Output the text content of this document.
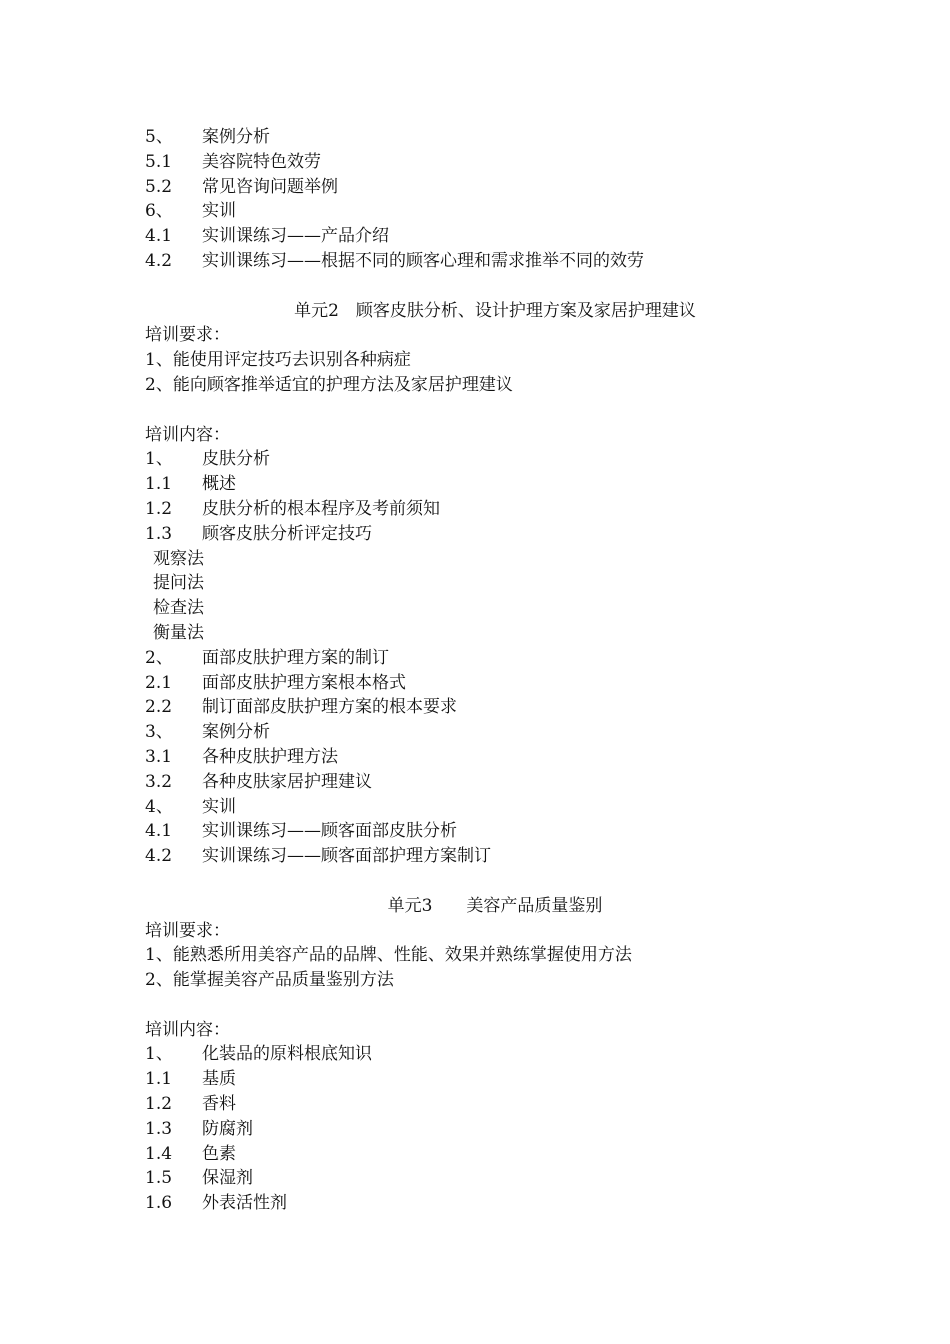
5、 案例分析
5.1 美容院特色效劳
5.2 常见咨询问题举例
6、 实训
4.1 实训课练习——产品介绍
4.2 实训课练习——根据不同的顾客心理和需求推举不同的效劳
单元2　顾客皮肤分析、设计护理方案及家居护理建议
培训要求：
1、能使用评定技巧去识别各种病症
2、能向顾客推举适宜的护理方法及家居护理建议
培训内容：
1、 皮肤分析
1.1 概述
1.2 皮肤分析的根本程序及考前须知
1.3 顾客皮肤分析评定技巧
观察法
提问法
检查法
衡量法
2、 面部皮肤护理方案的制订
2.1 面部皮肤护理方案根本格式
2.2 制订面部皮肤护理方案的根本要求
3、 案例分析
3.1 各种皮肤护理方法
3.2 各种皮肤家居护理建议
4、 实训
4.1 实训课练习——顾客面部皮肤分析
4.2 实训课练习——顾客面部护理方案制订
单元3　　美容产品质量鉴别
培训要求：
1、能熟悉所用美容产品的品牌、性能、效果并熟练掌握使用方法
2、能掌握美容产品质量鉴别方法
培训内容：
1、 化装品的原料根底知识
1.1 基质
1.2 香料
1.3 防腐剂
1.4 色素
1.5 保湿剂
1.6 外表活性剂
